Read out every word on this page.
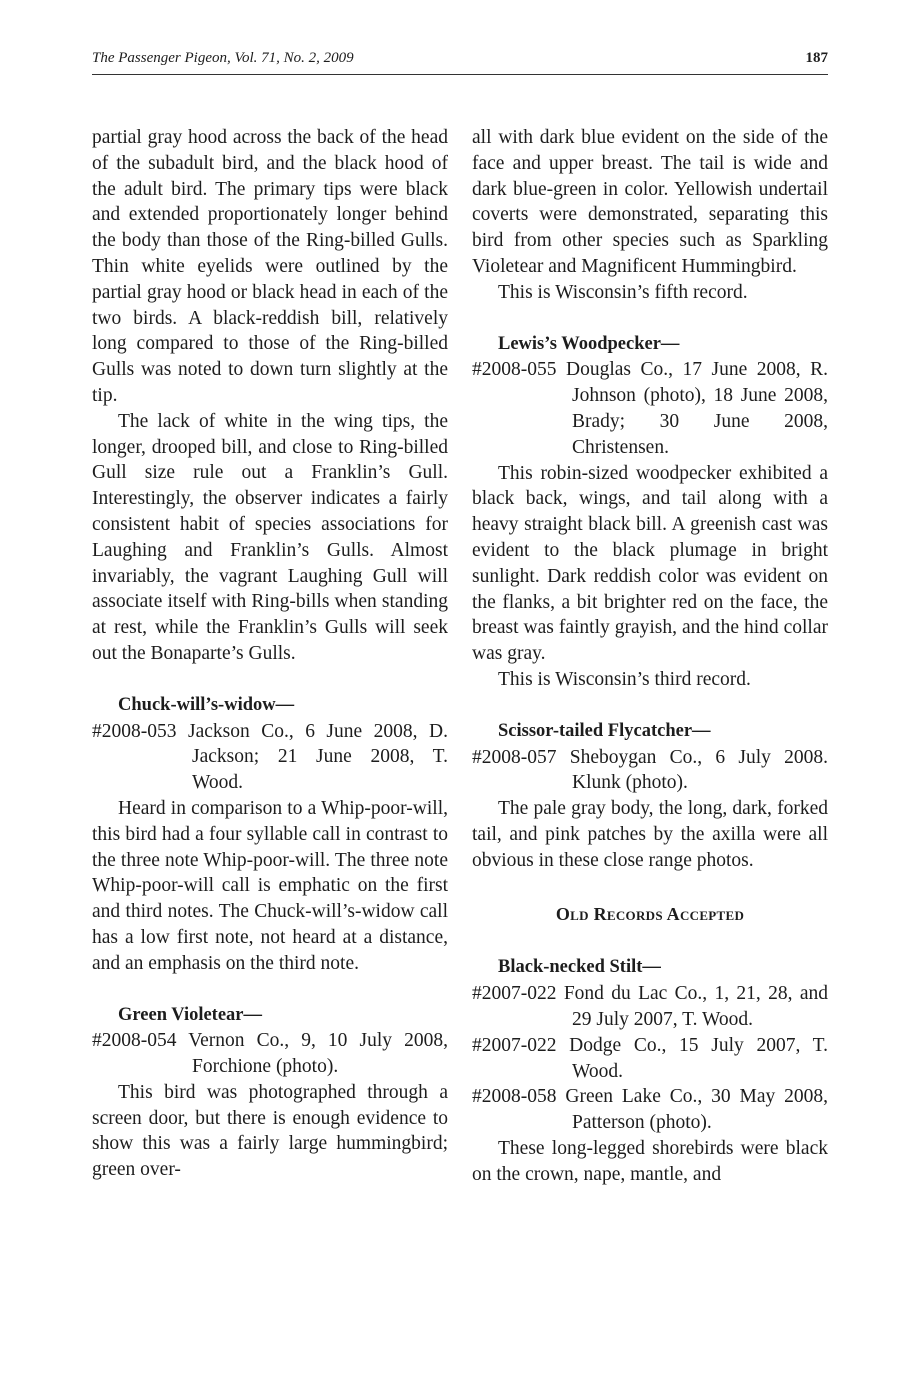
The Passenger Pigeon, Vol. 71, No. 2, 2009	187

partial gray hood across the back of the head of the subadult bird, and the black hood of the adult bird. The primary tips were black and extended proportionately longer behind the body than those of the Ring-billed Gulls. Thin white eyelids were outlined by the partial gray hood or black head in each of the two birds. A black-reddish bill, relatively long compared to those of the Ring-billed Gulls was noted to down turn slightly at the tip.

The lack of white in the wing tips, the longer, drooped bill, and close to Ring-billed Gull size rule out a Franklin’s Gull. Interestingly, the observer indicates a fairly consistent habit of species associations for Laughing and Franklin’s Gulls. Almost invariably, the vagrant Laughing Gull will associate itself with Ring-bills when standing at rest, while the Franklin’s Gulls will seek out the Bonaparte’s Gulls.

Chuck-will’s-widow—
#2008-053 Jackson Co., 6 June 2008, D. Jackson; 21 June 2008, T. Wood.

Heard in comparison to a Whip-poor-will, this bird had a four syllable call in contrast to the three note Whip-poor-will. The three note Whip-poor-will call is emphatic on the first and third notes. The Chuck-will’s-widow call has a low first note, not heard at a distance, and an emphasis on the third note.

Green Violetear—
#2008-054 Vernon Co., 9, 10 July 2008, Forchione (photo).

This bird was photographed through a screen door, but there is enough evidence to show this was a fairly large hummingbird; green over-

all with dark blue evident on the side of the face and upper breast. The tail is wide and dark blue-green in color. Yellowish undertail coverts were demonstrated, separating this bird from other species such as Sparkling Violetear and Magnificent Hummingbird.

This is Wisconsin’s fifth record.

Lewis’s Woodpecker—
#2008-055 Douglas Co., 17 June 2008, R. Johnson (photo), 18 June 2008, Brady; 30 June 2008, Christensen.

This robin-sized woodpecker exhibited a black back, wings, and tail along with a heavy straight black bill. A greenish cast was evident to the black plumage in bright sunlight. Dark reddish color was evident on the flanks, a bit brighter red on the face, the breast was faintly grayish, and the hind collar was gray.

This is Wisconsin’s third record.

Scissor-tailed Flycatcher—
#2008-057 Sheboygan Co., 6 July 2008. Klunk (photo).

The pale gray body, the long, dark, forked tail, and pink patches by the axilla were all obvious in these close range photos.

Old Records Accepted
Black-necked Stilt—
#2007-022 Fond du Lac Co., 1, 21, 28, and 29 July 2007, T. Wood.
#2007-022 Dodge Co., 15 July 2007, T. Wood.
#2008-058 Green Lake Co., 30 May 2008, Patterson (photo).

These long-legged shorebirds were black on the crown, nape, mantle, and
